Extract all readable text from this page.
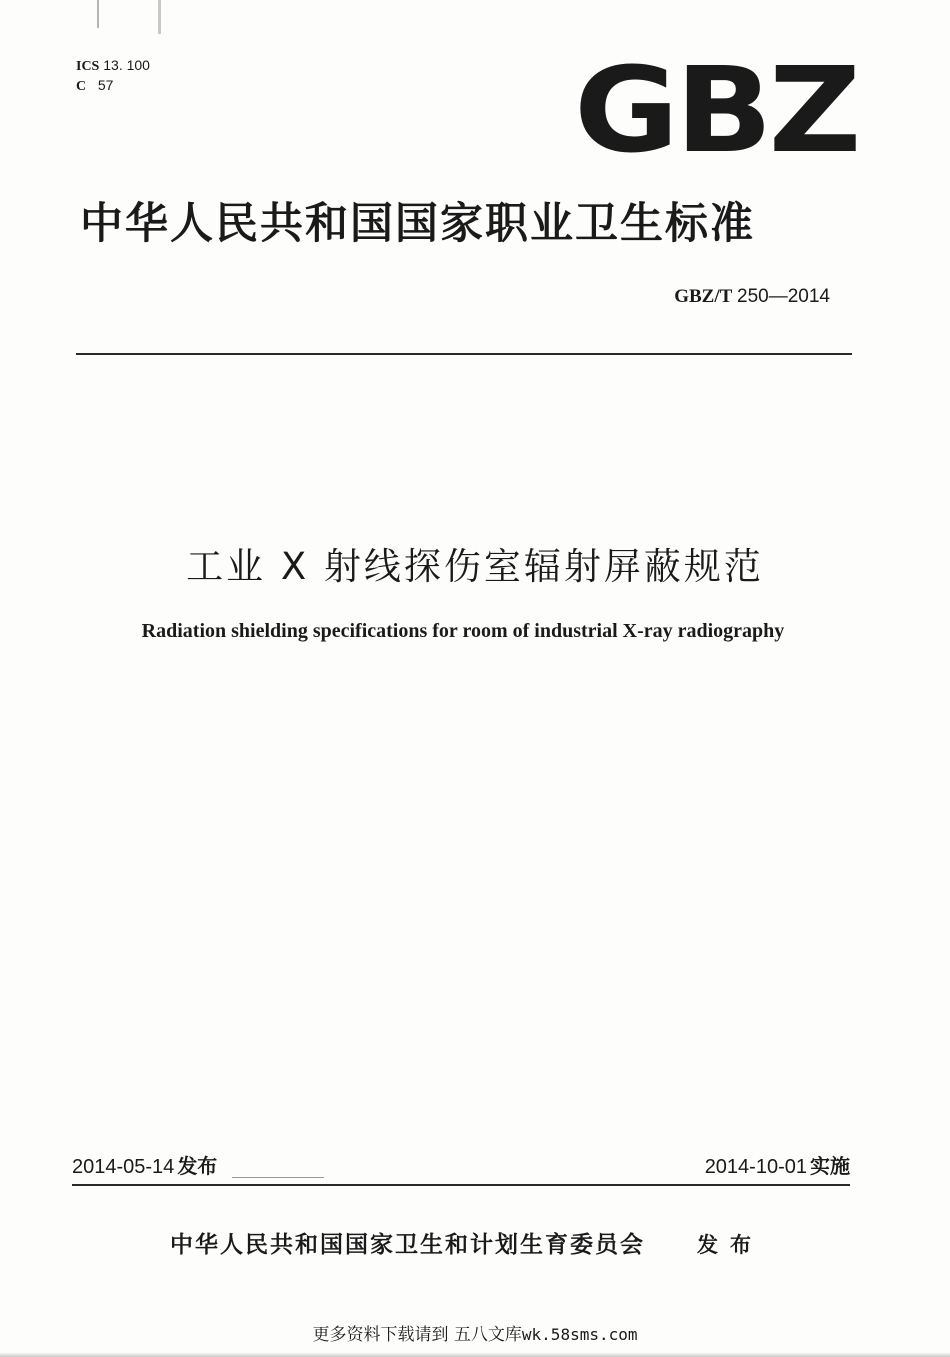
ICS 13. 100
C 57	GBZ
中华人民共和国国家职业卫生标准
GBZ/T 250—2014
工业 X 射线探伤室辐射屏蔽规范
Radiation shielding specifications for room of industrial X-ray radiography
2014-05-14 发布	2014-10-01 实施
中华人民共和国国家卫生和计划生育委员会 发布
更多资料下载请到 五八文库wk.58sms.com
